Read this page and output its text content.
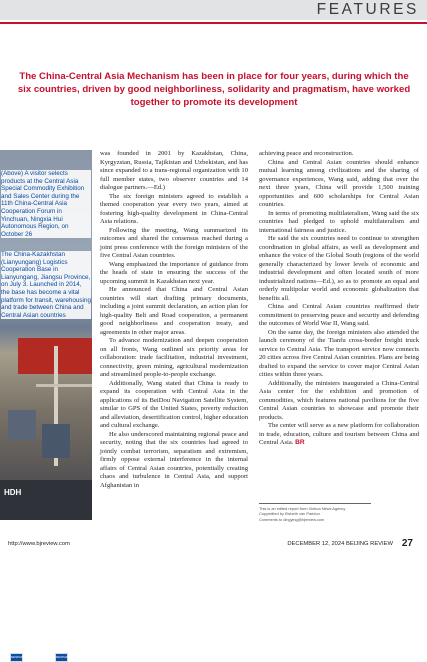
FEATURES
The China-Central Asia Mechanism has been in place for four years, during which the six countries, driven by good neighborliness, solidarity and pragmatism, have worked together to promote its development
HDH
DESPARK	DESPARK
(Above) A visitor selects products at the Central Asia Special Commodity Exhibition and Sales Center during the 11th China-Central Asia Cooperation Forum in Yinchuan, Ningxia Hui Autonomous Region, on October 26
The China-Kazakhstan (Lianyungang) Logistics Cooperation Base in Lianyungang, Jiangsu Province, on July 3. Launched in 2014, the base has become a vital platform for transit, warehousing and trade between China and Central Asian countries

was founded in 2001 by Kazakhstan, China, Kyrgyzstan, Russia, Tajikistan and Uzbekistan, and has since expanded to a trans-regional organization with 10 full member states, two observer countries and 14 dialogue partners.—Ed.)

The six foreign ministers agreed to establish a themed cooperation year every two years, aimed at fostering high-quality development in China-Central Asia relations.

Following the meeting, Wang summarized its outcomes and shared the consensus reached during a joint press conference with the foreign ministers of the five Central Asian countries.

Wang emphasized the importance of guidance from the heads of state in ensuring the success of the upcoming summit in Kazakhstan next year.

He announced that China and Central Asian countries will start drafting primary documents, including a joint summit declaration, an action plan for high-quality Belt and Road cooperation, a permanent good neighborliness and cooperation treaty, and agreements in other major areas.

To advance modernization and deepen cooperation on all fronts, Wang outlined six priority areas for collaboration: trade facilitation, industrial investment, connectivity, green mining, agricultural modernization and streamlined people-to-people exchange.

Additionally, Wang stated that China is ready to expand its cooperation with Central Asia in the applications of its BeiDou Navigation Satellite System, similar to GPS of the United States, poverty reduction and alleviation, desertification control, higher education and cultural exchange.

He also underscored maintaining regional peace and security, noting that the six countries had agreed to jointly combat terrorism, separatism and extremism, firmly oppose external interference in the internal affairs of Central Asian countries, potentially creating chaos and turbulence in Central Asia, and support Afghanistan in

achieving peace and reconstruction.

China and Central Asian countries should enhance mutual learning among civilizations and the sharing of governance experiences, Wang said, adding that over the next three years, China will provide 1,500 training opportunities and 600 scholarships for Central Asian countries.

In terms of promoting multilateralism, Wang said the six countries had pledged to uphold multilateralism and international fairness and justice.

He said the six countries need to continue to strengthen coordination in global affairs, as well as development and enhance the voice of the Global South (regions of the world generally characterized by lower levels of economic and industrial development and often located south of more industrialized nations—Ed.), so as to promote an equal and orderly multipolar world and economic globalization that benefits all.

China and Central Asian countries reaffirmed their commitment to preserving peace and security and defending the outcomes of World War II, Wang said.

On the same day, the foreign ministers also attended the launch ceremony of the Tianfu cross-border freight truck service to Central Asia. The transport service now connects 20 cities across five Central Asian countries. Plans are being drafted to expand the service to cover major Central Asian cities within three years.

Additionally, the ministers inaugurated a China-Central Asia center for the exhibition and promotion of commodities, which features national pavilions for the five Central Asian countries to showcase and promote their products.

The center will serve as a new platform for collaboration in trade, education, culture and tourism between China and Central Asia. BR

This is an edited report from Xinhua News Agency
Copyedited by Elsbeth van Paridon
Comments to dingying@bjreview.com
http://www.bjreview.com	DECEMBER 12, 2024 BEIJING REVIEW 27
